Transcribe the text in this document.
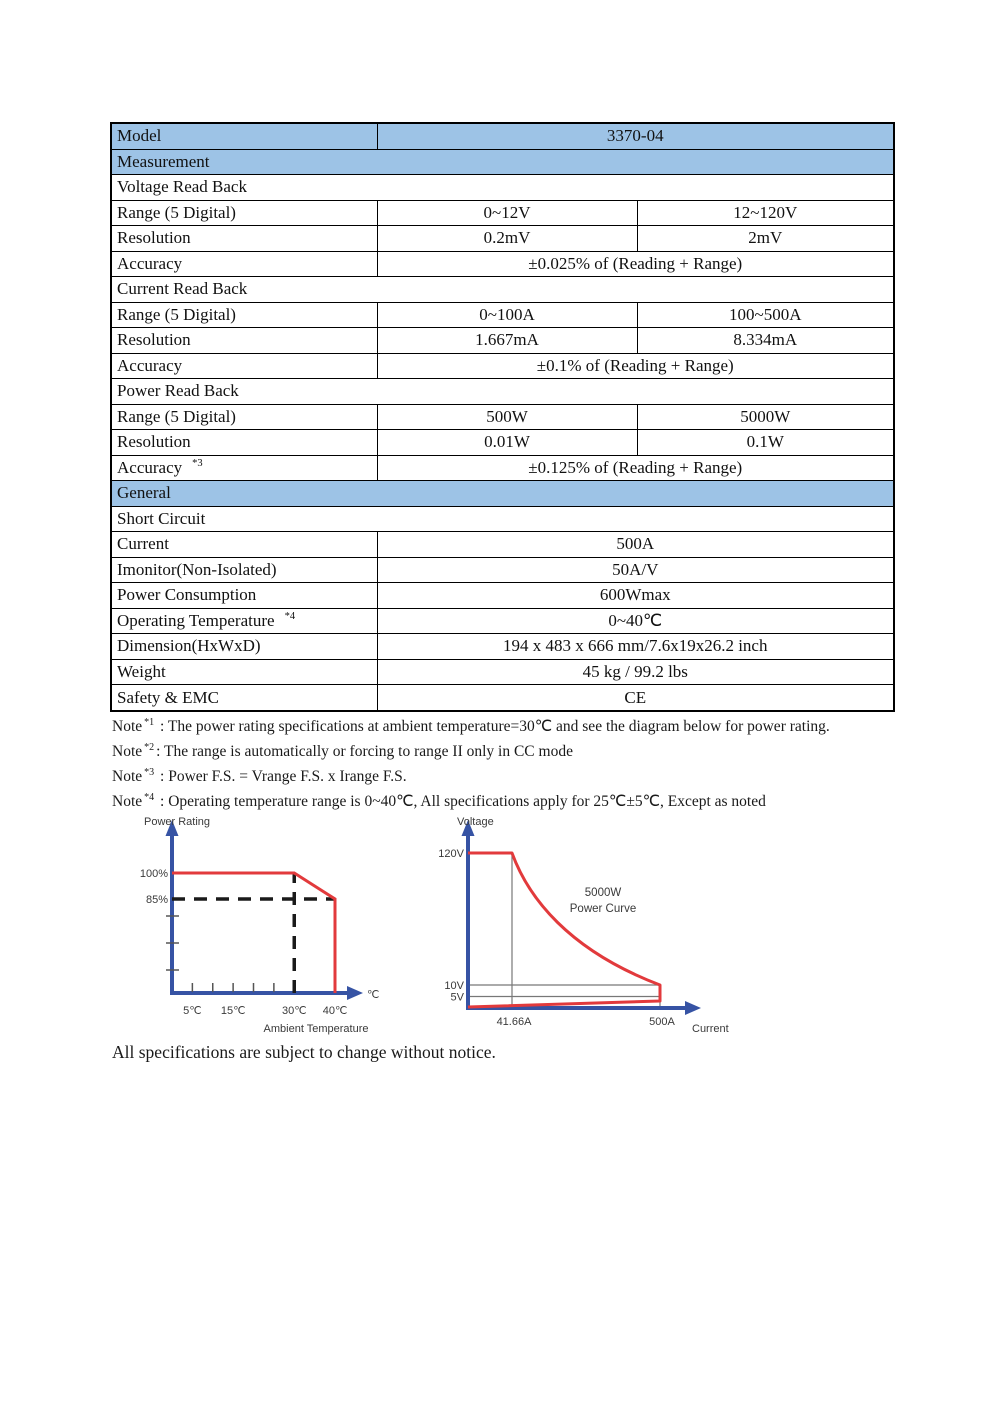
Model	3370-04	
Measurement		
Voltage Read Back		
Range (5 Digital)	0~12V	12~120V
Resolution	0.2mV	2mV
Accuracy	±0.025% of (Reading + Range)	
Current Read Back		
Range (5 Digital)	0~100A	100~500A
Resolution	1.667mA	8.334mA
Accuracy	±0.1% of (Reading + Range)	
Power Read Back		
Range (5 Digital)	500W	5000W
Resolution	0.01W	0.1W
Accuracy $^{*3}$	±0.125% of (Reading + Range)	
General		
Short Circuit		
Current	500A	
Imonitor(Non-Isolated)	50A/V	
Power Consumption	600Wmax	
Operating Temperature $^{*4}$	0~40℃	
Dimension(HxWxD)	194 x 483 x 666 mm/7.6x19x26.2 inch	
Weight	45 kg / 99.2 lbs	
Safety & EMC	CE	
Note $^{*1}$ : The power rating specifications at ambient temperature=30℃ and see the diagram below for power rating.
Note $^{*2}$ : The range is automatically or forcing to range II only in CC mode
Note $^{*3}$ : Power F.S. = Vrange F.S. x Irange F.S.
Note $^{*4}$ : Operating temperature range is 0~40℃, All specifications apply for 25℃±5℃, Except as noted
Power Rating
100%
85%
5℃ 15℃	30℃ 40℃
℃
Ambient Temperature
Voltage
120V
10V
5V
41.66A	500A
Current
5000W
Power Curve
All specifications are subject to change without notice.
